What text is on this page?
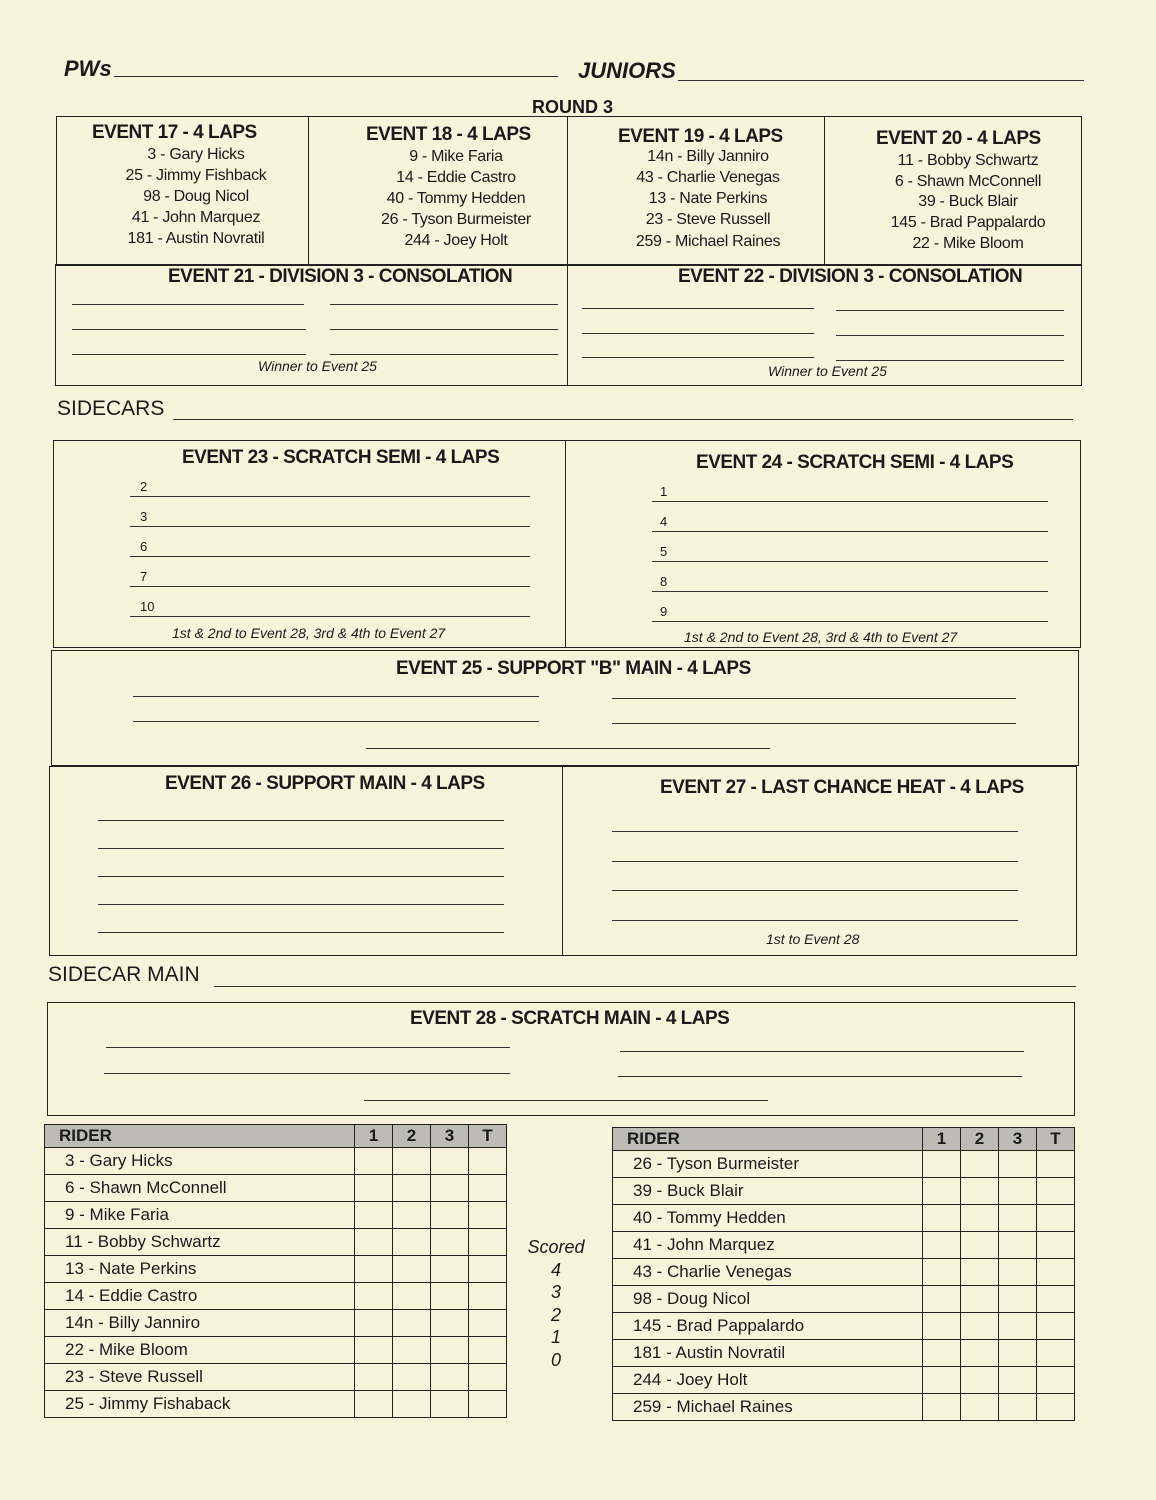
PWs	JUNIORS
ROUND 3
EVENT 17 - 4 LAPS
3 - Gary Hicks
25 - Jimmy Fishback
98 - Doug Nicol
41 - John Marquez
181 - Austin Novratil
EVENT 18 - 4 LAPS
9 - Mike Faria
14 - Eddie Castro
40 - Tommy Hedden
26 - Tyson Burmeister
244 - Joey Holt
EVENT 19 - 4 LAPS
14n - Billy Janniro
43 - Charlie Venegas
13 - Nate Perkins
23 - Steve Russell
259 - Michael Raines
EVENT 20 - 4 LAPS
11 - Bobby Schwartz
6 - Shawn McConnell
39 - Buck Blair
145 - Brad Pappalardo
22 - Mike Bloom
EVENT 21 - DIVISION 3 - CONSOLATION	EVENT 22 - DIVISION 3 - CONSOLATION
Winner to Event 25	Winner to Event 25
SIDECARS
EVENT 23 - SCRATCH SEMI - 4 LAPS	EVENT 24 - SCRATCH SEMI - 4 LAPS
2
3
6
7
10
1
4
5
8
9
1st & 2nd to Event 28, 3rd & 4th to Event 27	1st & 2nd to Event 28, 3rd & 4th to Event 27
EVENT 25 - SUPPORT "B" MAIN - 4 LAPS
EVENT 26 - SUPPORT MAIN - 4 LAPS	EVENT 27 - LAST CHANCE HEAT - 4 LAPS
1st to Event 28
SIDECAR MAIN
EVENT 28 - SCRATCH MAIN - 4 LAPS
RIDER	1	2	3	T
3 - Gary Hicks				
6 - Shawn McConnell				
9 - Mike Faria				
11 - Bobby Schwartz				
13 - Nate Perkins				
14 - Eddie Castro				
14n - Billy Janniro				
22 - Mike Bloom				
23 - Steve Russell				
25 - Jimmy Fishaback				
RIDER	1	2	3	T
26 - Tyson Burmeister				
39 - Buck Blair				
40 - Tommy Hedden				
41 - John Marquez				
43 - Charlie Venegas				
98 - Doug Nicol				
145 - Brad Pappalardo				
181 - Austin Novratil				
244 - Joey Holt				
259 - Michael Raines				
Scored
4
3
2
1
0
